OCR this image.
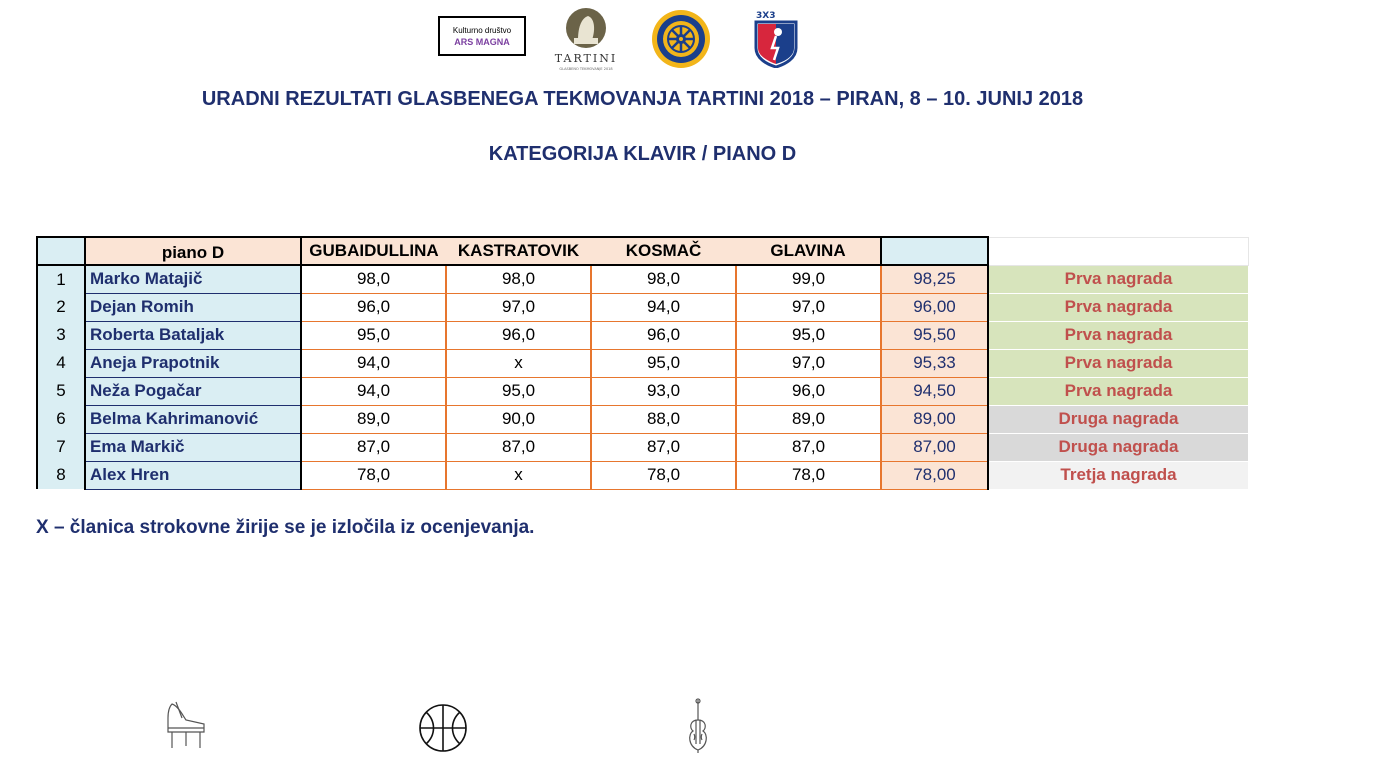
Kulturno društvo
ARS MAGNA
TARTINI
GLASBENO TEKMOVANJE 2018
3X3
URADNI REZULTATI GLASBENEGA TEKMOVANJA TARTINI 2018 – PIRAN, 8 – 10. JUNIJ 2018
KATEGORIJA KLAVIR / PIANO D
	piano D	GUBAIDULLINA	KASTRATOVIK	KOSMAČ	GLAVINA		
1	Marko Matajič	98,0	98,0	98,0	99,0	98,25	Prva nagrada
2	Dejan Romih	96,0	97,0	94,0	97,0	96,00	Prva nagrada
3	Roberta Bataljak	95,0	96,0	96,0	95,0	95,50	Prva nagrada
4	Aneja Prapotnik	94,0	x	95,0	97,0	95,33	Prva nagrada
5	Neža Pogačar	94,0	95,0	93,0	96,0	94,50	Prva nagrada
6	Belma Kahrimanović	89,0	90,0	88,0	89,0	89,00	Druga nagrada
7	Ema Markič	87,0	87,0	87,0	87,0	87,00	Druga nagrada
8	Alex Hren	78,0	x	78,0	78,0	78,00	Tretja nagrada
X – članica strokovne žirije se je izločila iz ocenjevanja.
